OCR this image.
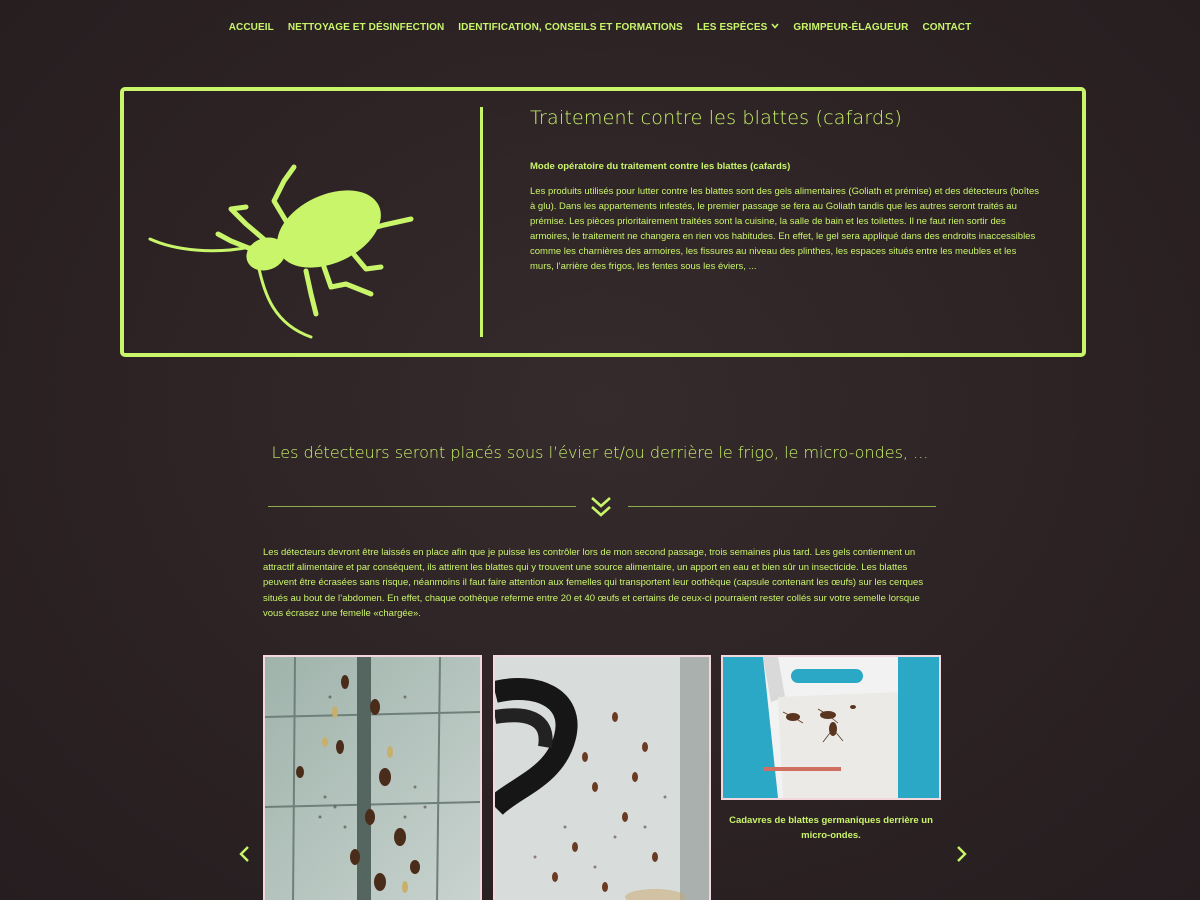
ACCUEIL	NETTOYAGE ET DÉSINFECTION	IDENTIFICATION, CONSEILS ET FORMATIONS	LES ESPÈCES	GRIMPEUR-ÉLAGUEUR	CONTACT
Traitement contre les blattes (cafards)
Mode opératoire du traitement contre les blattes (cafards)

Les produits utilisés pour lutter contre les blattes sont des gels alimentaires (Goliath et prémise) et des détecteurs (boîtes à glu). Dans les appartements infestés, le premier passage se fera au Goliath tandis que les autres seront traités au prémise. Les pièces prioritairement traitées sont la cuisine, la salle de bain et les toilettes. Il ne faut rien sortir des armoires, le traitement ne changera en rien vos habitudes. En effet, le gel sera appliqué dans des endroits inaccessibles comme les charnières des armoires, les fissures au niveau des plinthes, les espaces situés entre les meubles et les murs, l’arrière des frigos, les fentes sous les éviers, ...

Les détecteurs seront placés sous l’évier et/ou derrière le frigo, le micro-ondes, ...

Les détecteurs devront être laissés en place afin que je puisse les contrôler lors de mon second passage, trois semaines plus tard. Les gels contiennent un attractif alimentaire et par conséquent, ils attirent les blattes qui y trouvent une source alimentaire, un apport en eau et bien sûr un insecticide. Les blattes peuvent être écrasées sans risque, néanmoins il faut faire attention aux femelles qui transportent leur oothèque (capsule contenant les œufs) sur les cerques situés au bout de l’abdomen. En effet, chaque oothèque referme entre 20 et 40 œufs et certains de ceux-ci pourraient rester collés sur votre semelle lorsque vous écrasez une femelle «chargée».

Cadavres de blattes germaniques derrière un micro-ondes.
